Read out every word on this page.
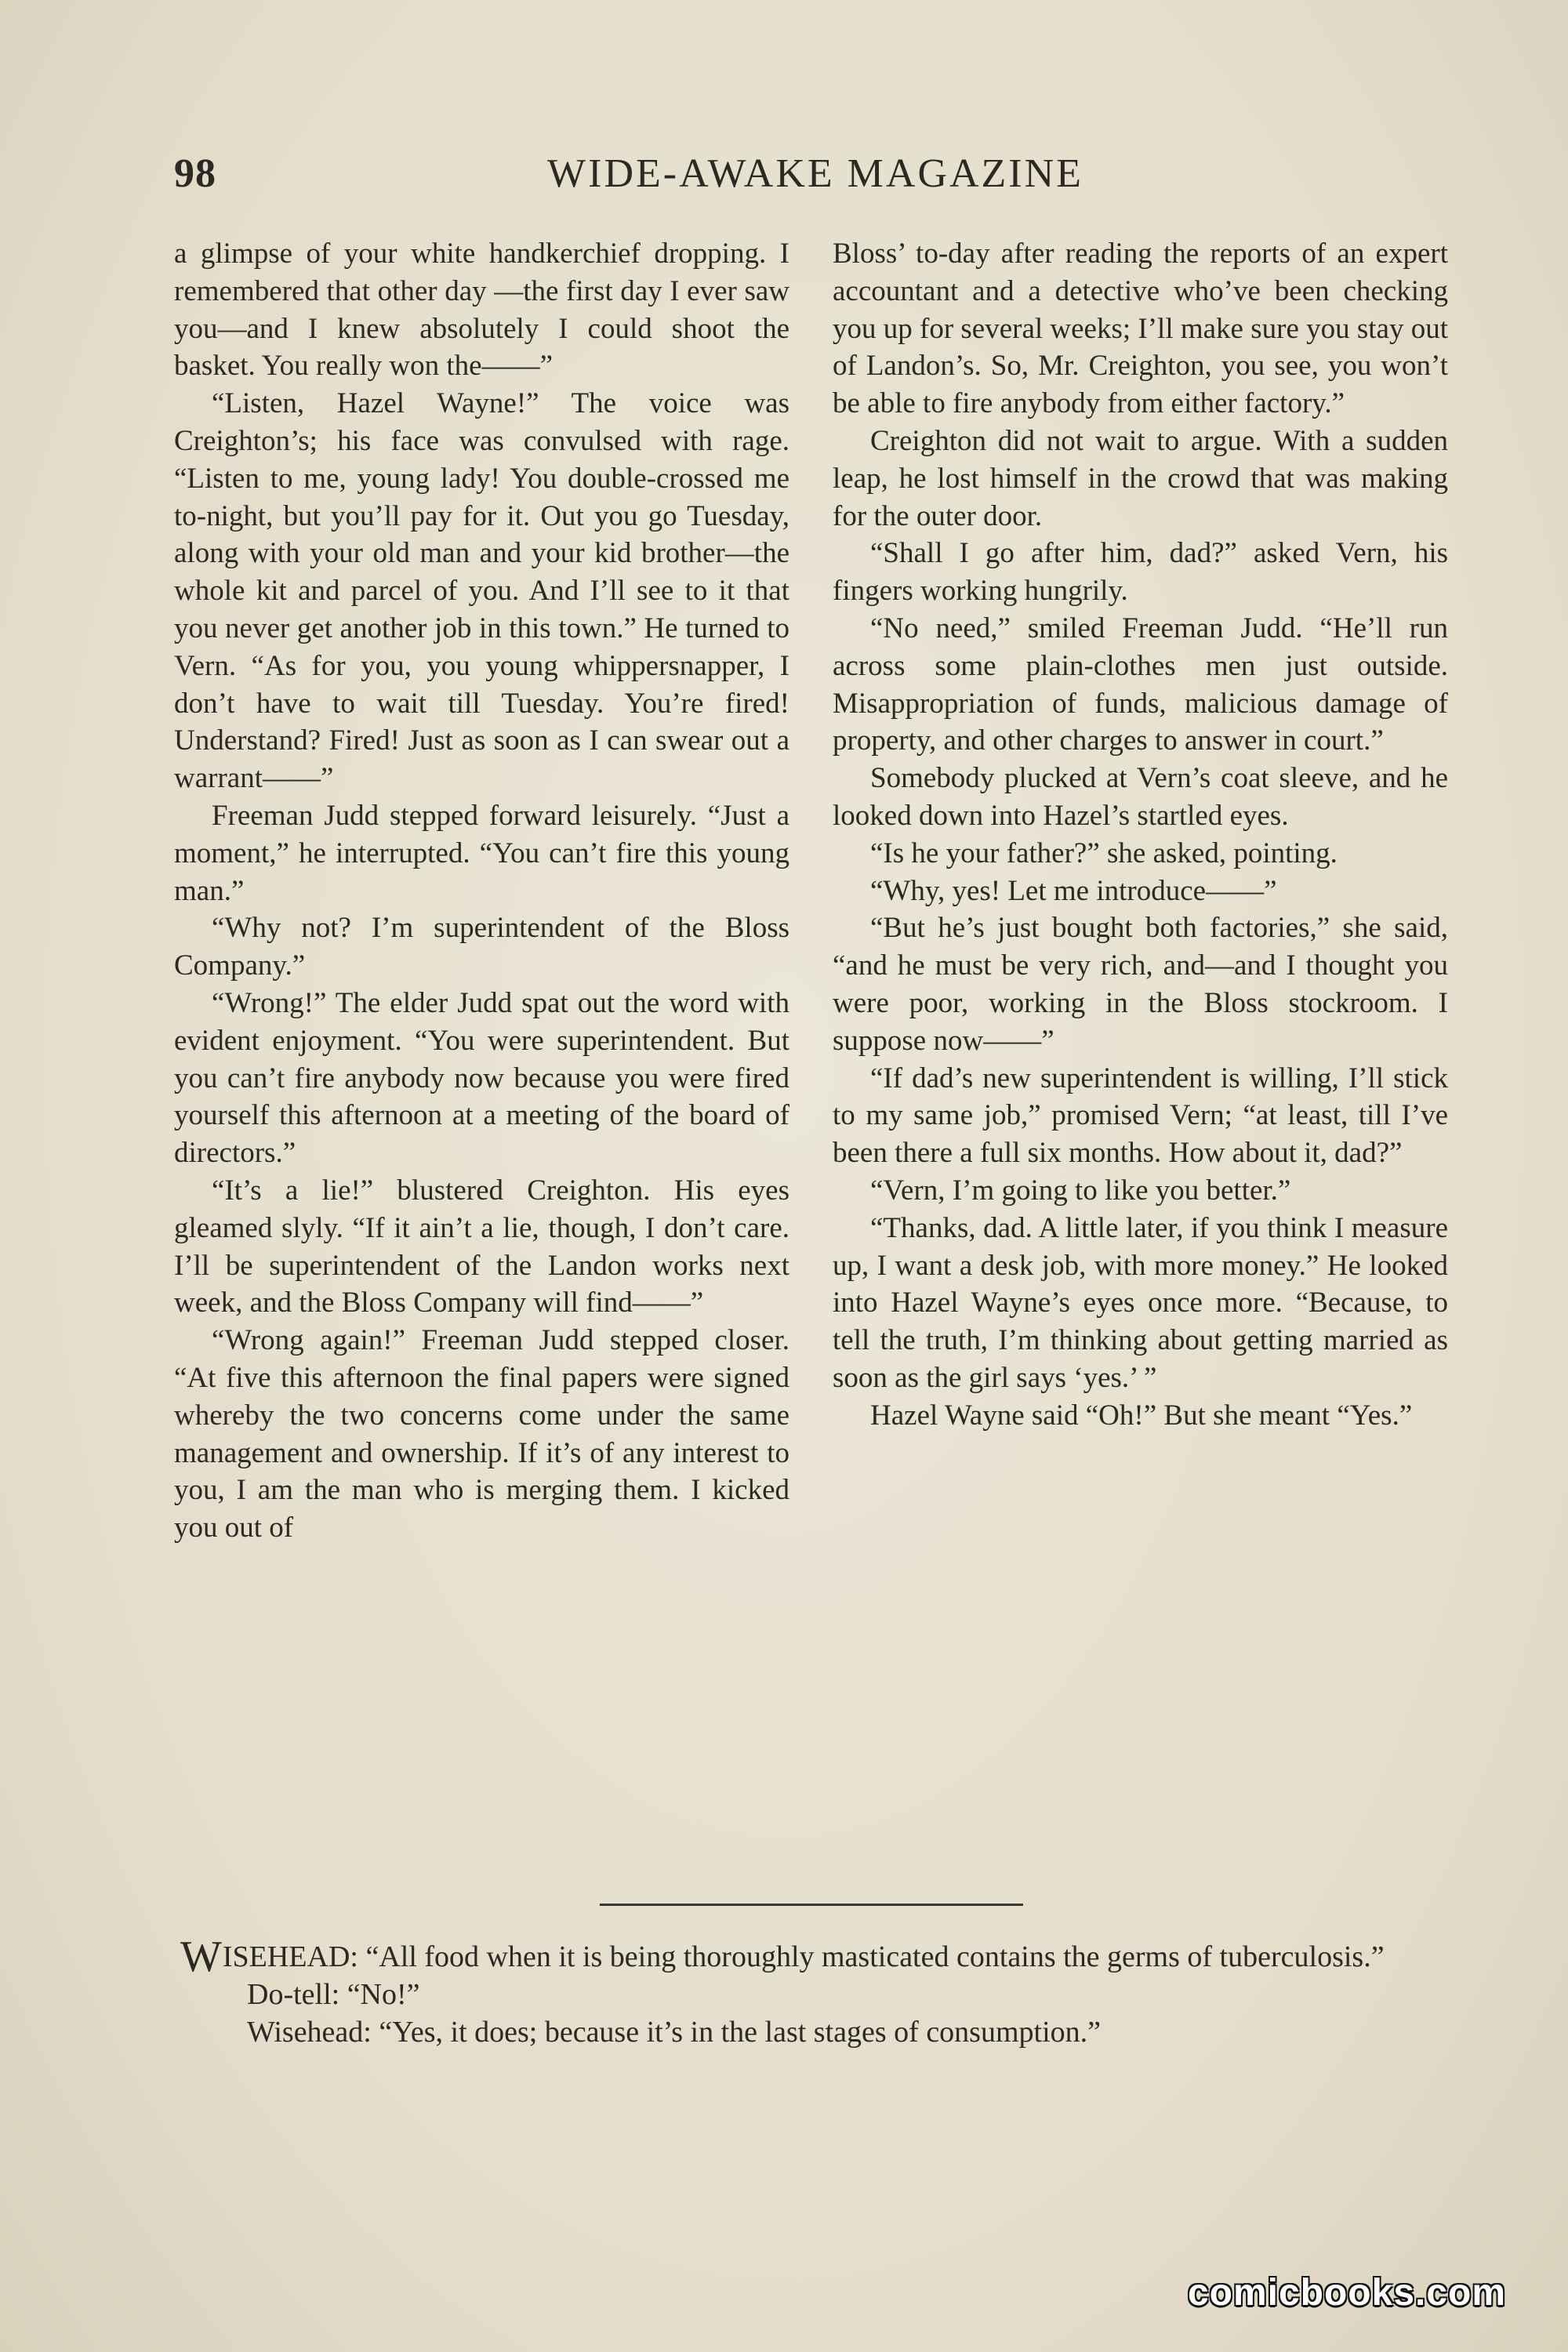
98	WIDE-AWAKE MAGAZINE

a glimpse of your white handkerchief dropping. I remembered that other day —the first day I ever saw you—and I knew absolutely I could shoot the basket. You really won the——”

“Listen, Hazel Wayne!” The voice was Creighton’s; his face was convulsed with rage. “Listen to me, young lady! You double-crossed me to-night, but you’ll pay for it. Out you go Tuesday, along with your old man and your kid brother—the whole kit and parcel of you. And I’ll see to it that you never get another job in this town.” He turned to Vern. “As for you, you young whippersnapper, I don’t have to wait till Tuesday. You’re fired! Understand? Fired! Just as soon as I can swear out a warrant——”

Freeman Judd stepped forward leisurely. “Just a moment,” he interrupted. “You can’t fire this young man.”

“Why not? I’m superintendent of the Bloss Company.”

“Wrong!” The elder Judd spat out the word with evident enjoyment. “You were superintendent. But you can’t fire anybody now because you were fired yourself this afternoon at a meeting of the board of directors.”

“It’s a lie!” blustered Creighton. His eyes gleamed slyly. “If it ain’t a lie, though, I don’t care. I’ll be superintendent of the Landon works next week, and the Bloss Company will find——”

“Wrong again!” Freeman Judd stepped closer. “At five this afternoon the final papers were signed whereby the two concerns come under the same management and ownership. If it’s of any interest to you, I am the man who is merging them. I kicked you out of

Bloss’ to-day after reading the reports of an expert accountant and a detective who’ve been checking you up for several weeks; I’ll make sure you stay out of Landon’s. So, Mr. Creighton, you see, you won’t be able to fire anybody from either factory.”

Creighton did not wait to argue. With a sudden leap, he lost himself in the crowd that was making for the outer door.

“Shall I go after him, dad?” asked Vern, his fingers working hungrily.

“No need,” smiled Freeman Judd. “He’ll run across some plain-clothes men just outside. Misappropriation of funds, malicious damage of property, and other charges to answer in court.”

Somebody plucked at Vern’s coat sleeve, and he looked down into Hazel’s startled eyes.

“Is he your father?” she asked, pointing.

“Why, yes! Let me introduce——”

“But he’s just bought both factories,” she said, “and he must be very rich, and—and I thought you were poor, working in the Bloss stockroom. I suppose now——”

“If dad’s new superintendent is willing, I’ll stick to my same job,” promised Vern; “at least, till I’ve been there a full six months. How about it, dad?”

“Vern, I’m going to like you better.”

“Thanks, dad. A little later, if you think I measure up, I want a desk job, with more money.” He looked into Hazel Wayne’s eyes once more. “Because, to tell the truth, I’m thinking about getting married as soon as the girl says ‘yes.’ ”

Hazel Wayne said “Oh!” But she meant “Yes.”

WISEHEAD: “All food when it is being thoroughly masticated contains the germs of tuberculosis.”

Do-tell: “No!”

Wisehead: “Yes, it does; because it’s in the last stages of consumption.”

comicbooks.com
